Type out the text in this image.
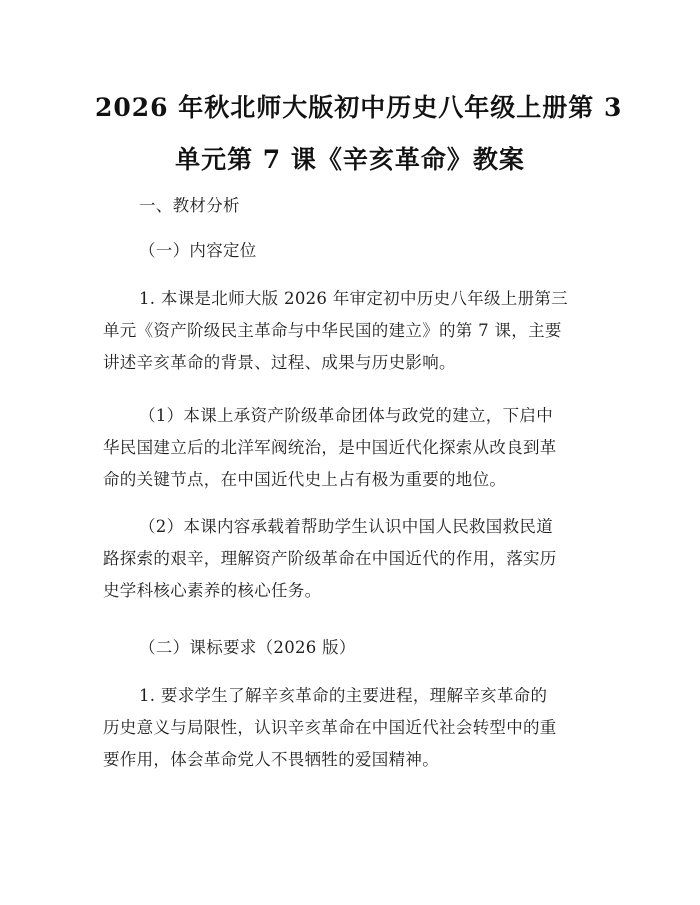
2026 年秋北师大版初中历史八年级上册第 3
单元第 7 课《辛亥革命》教案
一、教材分析
（一）内容定位
1. 本课是北师大版 2026 年审定初中历史八年级上册第三
单元《资产阶级民主革命与中华民国的建立》的第 7 课，主要
讲述辛亥革命的背景、过程、成果与历史影响。
（1）本课上承资产阶级革命团体与政党的建立，下启中
华民国建立后的北洋军阀统治，是中国近代化探索从改良到革
命的关键节点，在中国近代史上占有极为重要的地位。
（2）本课内容承载着帮助学生认识中国人民救国救民道
路探索的艰辛，理解资产阶级革命在中国近代的作用，落实历
史学科核心素养的核心任务。
（二）课标要求（2026 版）
1. 要求学生了解辛亥革命的主要进程，理解辛亥革命的
历史意义与局限性，认识辛亥革命在中国近代社会转型中的重
要作用，体会革命党人不畏牺牲的爱国精神。
